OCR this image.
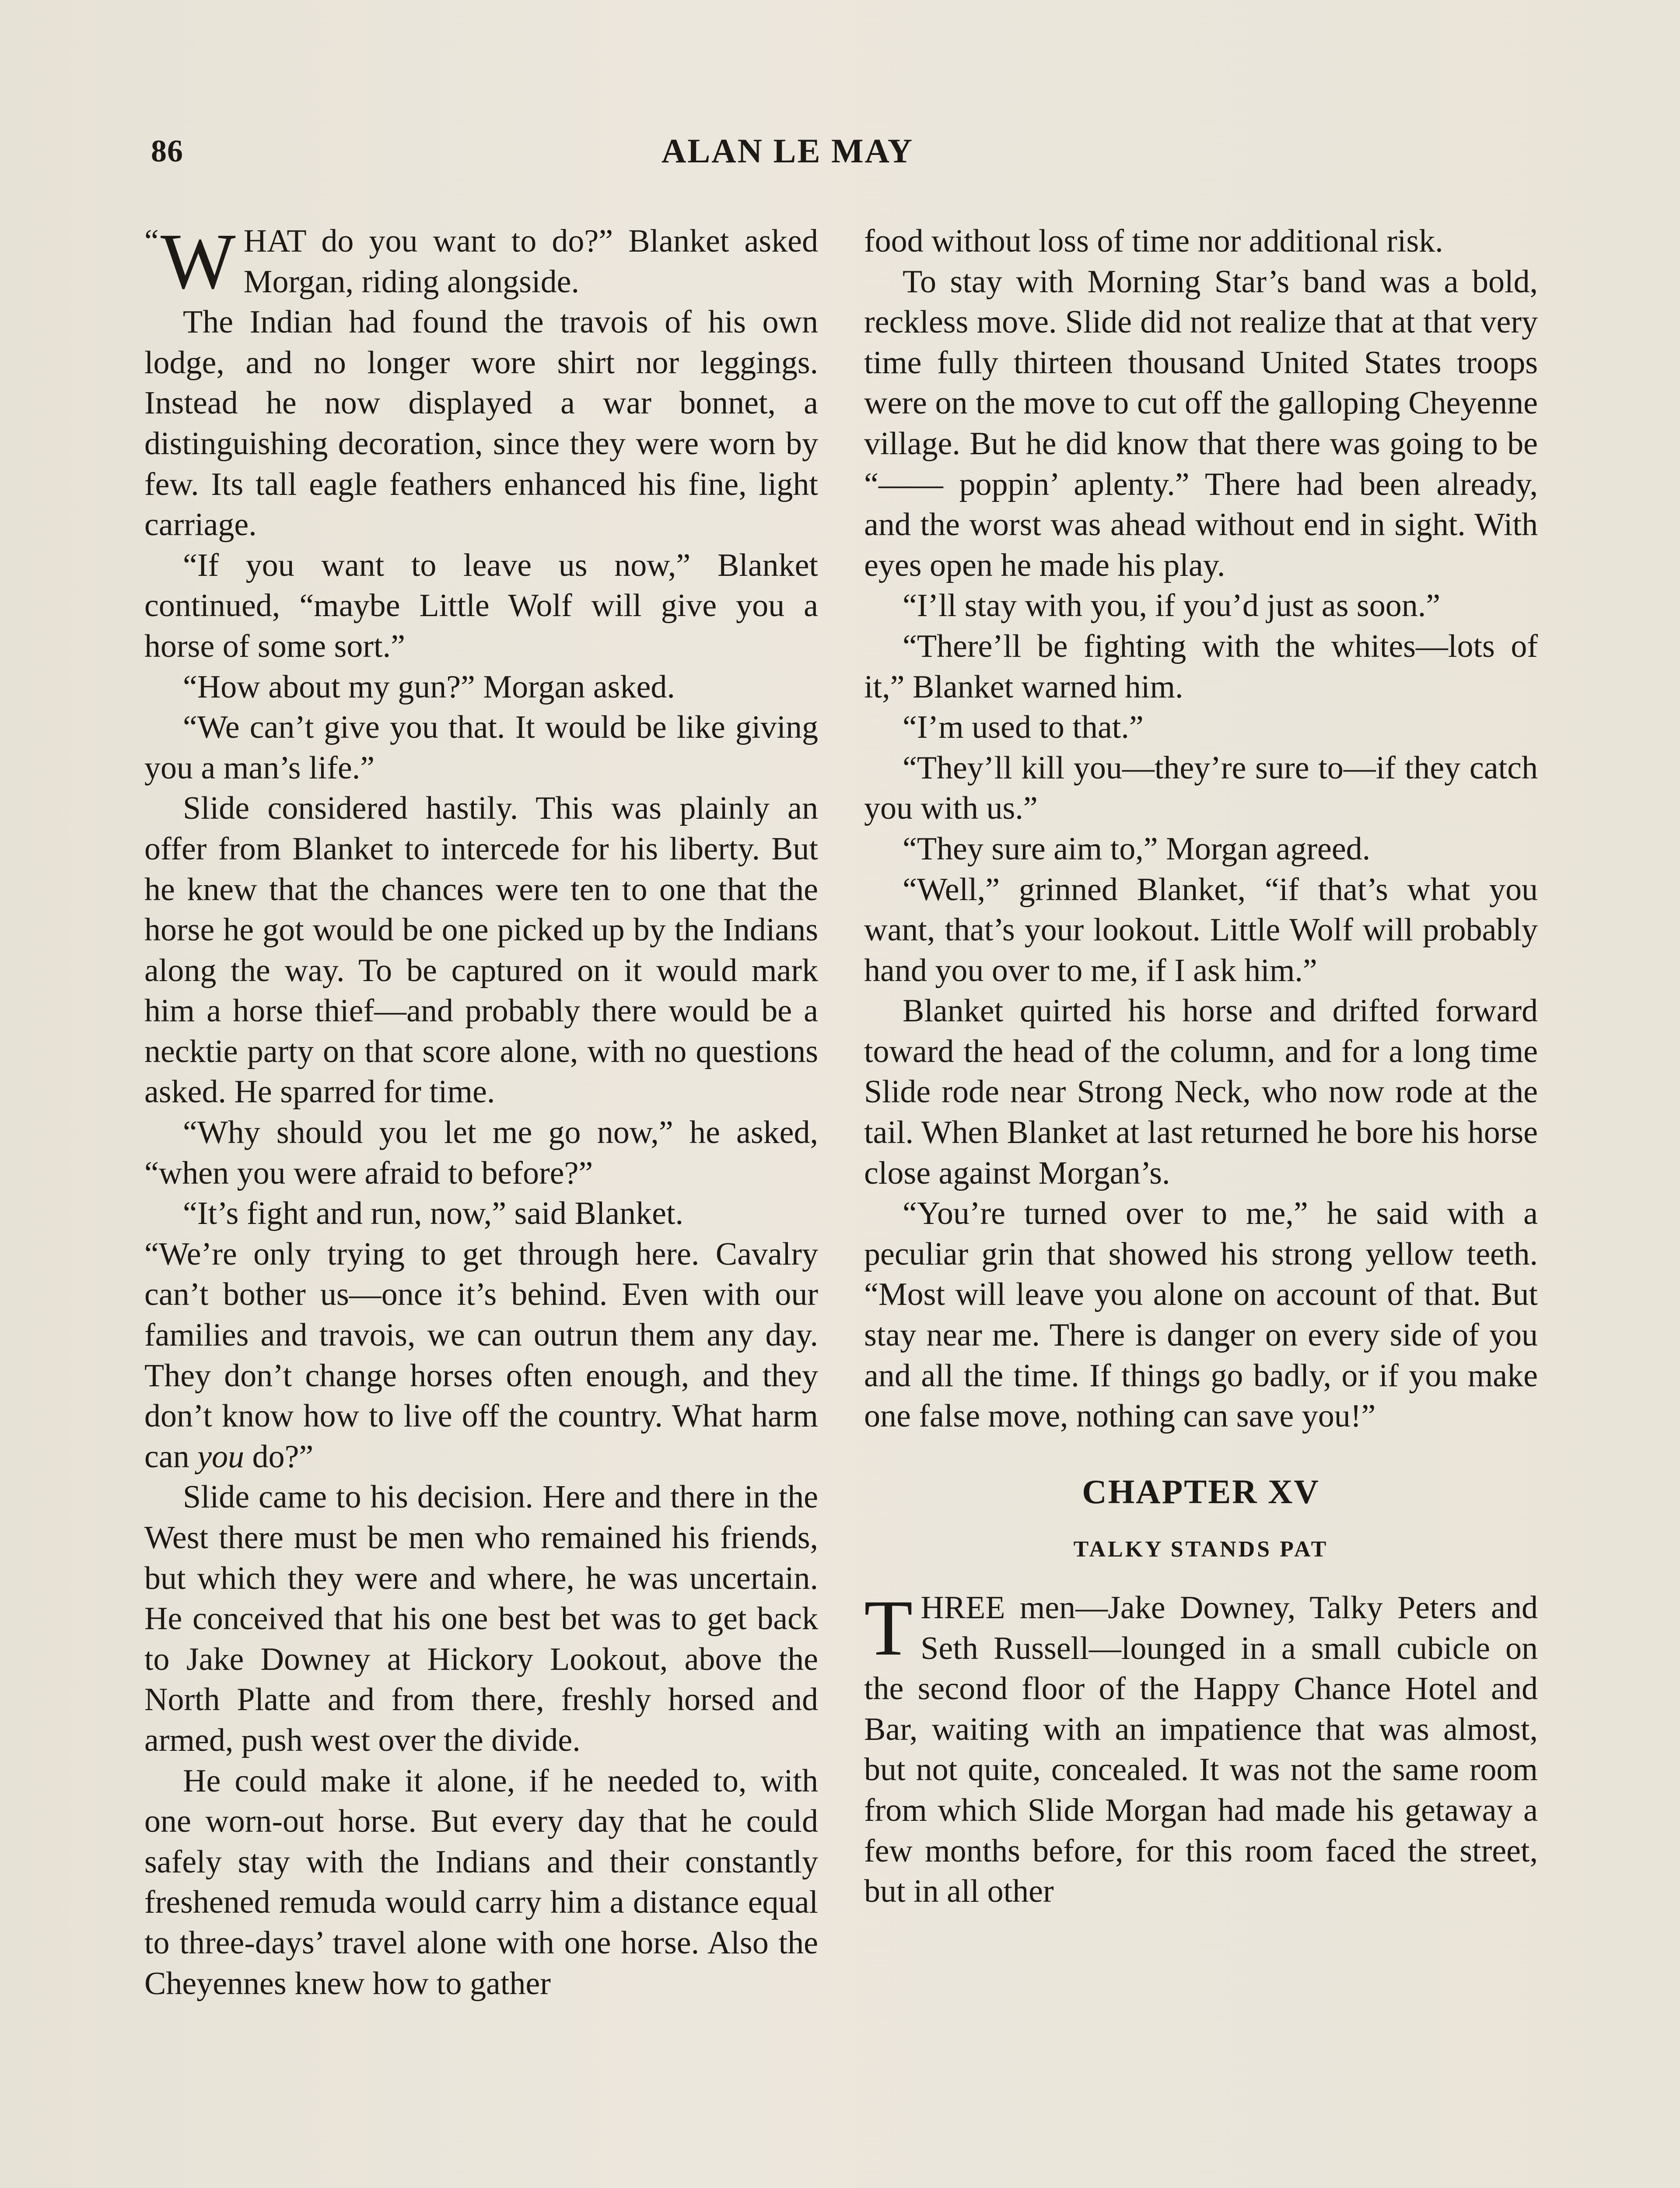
86	ALAN LE MAY

“ W HAT do you want to do?” Blanket asked Morgan, riding alongside.

The Indian had found the travois of his own lodge, and no longer wore shirt nor leggings. Instead he now displayed a war bonnet, a distinguishing decoration, since they were worn by few. Its tall eagle feathers enhanced his fine, light carriage.

“If you want to leave us now,” Blanket continued, “maybe Little Wolf will give you a horse of some sort.”

“How about my gun?” Morgan asked.

“We can’t give you that. It would be like giving you a man’s life.”

Slide considered hastily. This was plainly an offer from Blanket to intercede for his liberty. But he knew that the chances were ten to one that the horse he got would be one picked up by the Indians along the way. To be captured on it would mark him a horse thief—and probably there would be a necktie party on that score alone, with no questions asked. He sparred for time.

“Why should you let me go now,” he asked, “when you were afraid to before?”

“It’s fight and run, now,” said Blanket.

“We’re only trying to get through here. Cavalry can’t bother us—once it’s behind. Even with our families and travois, we can outrun them any day. They don’t change horses often enough, and they don’t know how to live off the country. What harm can you do?”

Slide came to his decision. Here and there in the West there must be men who remained his friends, but which they were and where, he was uncertain. He conceived that his one best bet was to get back to Jake Downey at Hickory Lookout, above the North Platte and from there, freshly horsed and armed, push west over the divide.

He could make it alone, if he needed to, with one worn-out horse. But every day that he could safely stay with the Indians and their constantly freshened remuda would carry him a distance equal to three-days’ travel alone with one horse. Also the Cheyennes knew how to gather

food without loss of time nor additional risk.

To stay with Morning Star’s band was a bold, reckless move. Slide did not realize that at that very time fully thirteen thousand United States troops were on the move to cut off the galloping Cheyenne village. But he did know that there was going to be “—— poppin’ aplenty.” There had been already, and the worst was ahead without end in sight. With eyes open he made his play.

“I’ll stay with you, if you’d just as soon.”

“There’ll be fighting with the whites—lots of it,” Blanket warned him.

“I’m used to that.”

“They’ll kill you—they’re sure to—if they catch you with us.”

“They sure aim to,” Morgan agreed.

“Well,” grinned Blanket, “if that’s what you want, that’s your lookout. Little Wolf will probably hand you over to me, if I ask him.”

Blanket quirted his horse and drifted forward toward the head of the column, and for a long time Slide rode near Strong Neck, who now rode at the tail. When Blanket at last returned he bore his horse close against Morgan’s.

“You’re turned over to me,” he said with a peculiar grin that showed his strong yellow teeth. “Most will leave you alone on account of that. But stay near me. There is danger on every side of you and all the time. If things go badly, or if you make one false move, nothing can save you!”

CHAPTER XV
TALKY STANDS PAT

THREE men—Jake Downey, Talky Peters and Seth Russell—lounged in a small cubicle on the second floor of the Happy Chance Hotel and Bar, waiting with an impatience that was almost, but not quite, concealed. It was not the same room from which Slide Morgan had made his getaway a few months before, for this room faced the street, but in all other
